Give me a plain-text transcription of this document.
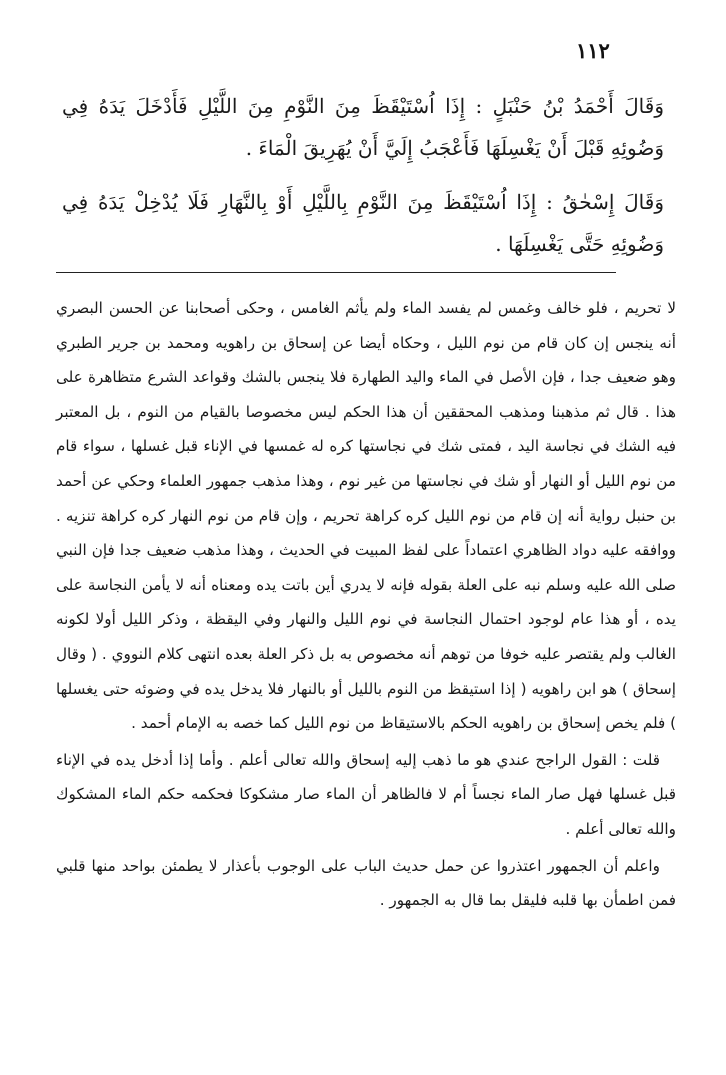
١١٢

وَقَالَ أَحْمَدُ بْنُ حَنْبَلٍ : إِذَا اُسْتَيْقَظَ مِنَ النَّوْمِ مِنَ اللَّيْلِ فَأَدْخَلَ يَدَهُ فِي وَضُوئِهِ قَبْلَ أَنْ يَغْسِلَهَا فَأَعْجَبُ إِلَيَّ أَنْ يُهَرِيقَ الْمَاءَ .

وَقَالَ إِسْحٰقُ : إِذَا اُسْتَيْقَظَ مِنَ النَّوْمِ بِاللَّيْلِ أَوْ بِالنَّهَارِ فَلَا يُدْخِلْ يَدَهُ فِي وَضُوئِهِ حَتَّى يَغْسِلَهَا .

لا تحريم ، فلو خالف وغمس لم يفسد الماء ولم يأثم الغامس ، وحكى أصحابنا عن الحسن البصري أنه ينجس إن كان قام من نوم الليل ، وحكاه أيضا عن إسحاق بن راهويه ومحمد بن جرير الطبري وهو ضعيف جدا ، فإن الأصل في الماء واليد الطهارة فلا ينجس بالشك وقواعد الشرع متظاهرة على هذا . قال ثم مذهبنا ومذهب المحققين أن هذا الحكم ليس مخصوصا بالقيام من النوم ، بل المعتبر فيه الشك في نجاسة اليد ، فمتى شك في نجاستها كره له غمسها في الإناء قبل غسلها ، سواء قام من نوم الليل أو النهار أو شك في نجاستها من غير نوم ، وهذا مذهب جمهور العلماء وحكي عن أحمد بن حنبل رواية أنه إن قام من نوم الليل كره كراهة تحريم ، وإن قام من نوم النهار كره كراهة تنزيه . ووافقه عليه دواد الظاهري اعتماداً على لفظ المبيت في الحديث ، وهذا مذهب ضعيف جدا فإن النبي صلى الله عليه وسلم نبه على العلة بقوله فإنه لا يدري أين باتت يده ومعناه أنه لا يأمن النجاسة على يده ، أو هذا عام لوجود احتمال النجاسة في نوم الليل والنهار وفي اليقظة ، وذكر الليل أولا لكونه الغالب ولم يقتصر عليه خوفا من توهم أنه مخصوص به بل ذكر العلة بعده انتهى كلام النووي . ( وقال إسحاق ) هو ابن راهويه ( إذا استيقظ من النوم بالليل أو بالنهار فلا يدخل يده في وضوئه حتى يغسلها ) فلم يخص إسحاق بن راهويه الحكم بالاستيقاظ من نوم الليل كما خصه به الإمام أحمد .

قلت : القول الراجح عندي هو ما ذهب إليه إسحاق والله تعالى أعلم . وأما إذا أدخل يده في الإناء قبل غسلها فهل صار الماء نجساً أم لا فالظاهر أن الماء صار مشكوكا فحكمه حكم الماء المشكوك والله تعالى أعلم .

واعلم أن الجمهور اعتذروا عن حمل حديث الباب على الوجوب بأعذار لا يطمئن بواحد منها قلبي فمن اطمأن بها قلبه فليقل بما قال به الجمهور .
